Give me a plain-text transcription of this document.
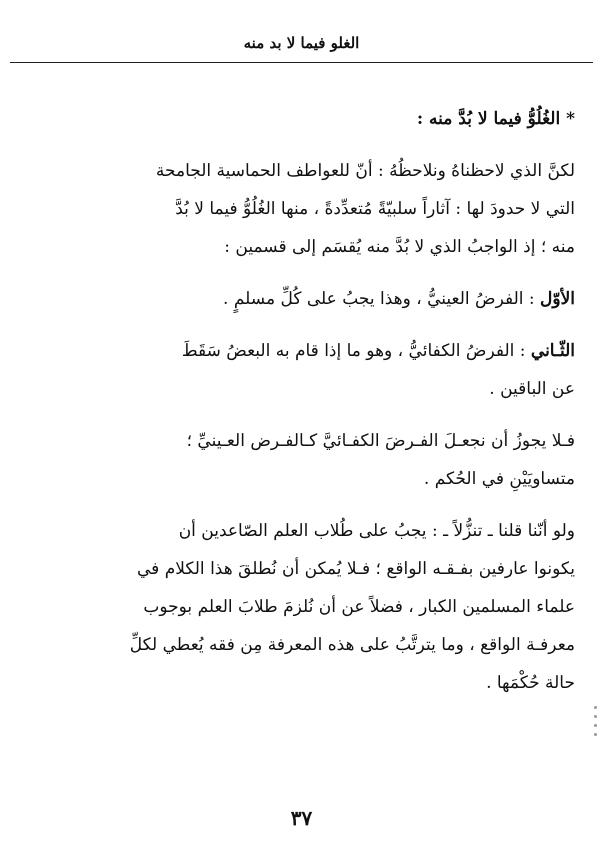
الغلو فيما لا بد منه
* الغُلُوُّ فيما لا بُدَّ منه :
لكنَّ الذي لاحظناهُ ونلاحظُهُ : أنّ للعواطف الحماسية الجامحة
التي لا حدودَ لها : آثاراً سلبيّةً مُتعدِّدةً ، منها الغُلُوُّ فيما لا بُدَّ
منه ؛ إذ الواجبُ الذي لا بُدَّ منه يُقسَم إلى قسمين :
الأوّل : الفرضُ العينيُّ ، وهذا يجبُ على كُلِّ مسلمٍ .
الثّـاني : الفرضُ الكفائيُّ ، وهو ما إذا قام به البعضُ سَقَطَ
عن الباقين .
فـلا يجوزُ أن نجعـلَ الفـرضَ الكفـائيَّ كـالفـرض العـينيِّ ؛
متساويَيْنِ في الحُكم .
ولو أنّنا قلنا ـ تنزُّلاً ـ : يجبُ على طُلاب العلم الصّاعدين أن
يكونوا عارفين بفـقـه الواقع ؛ فـلا يُمكن أن نُطلقَ هذا الكلام في
علماء المسلمين الكبار ، فضلاً عن أن نُلزمَ طلابَ العلم بوجوب
معرفـة الواقع ، وما يترتَّبُ على هذه المعرفة مِن فقه يُعطي لكلِّ
حالة حُكْمَها .
٣٧
